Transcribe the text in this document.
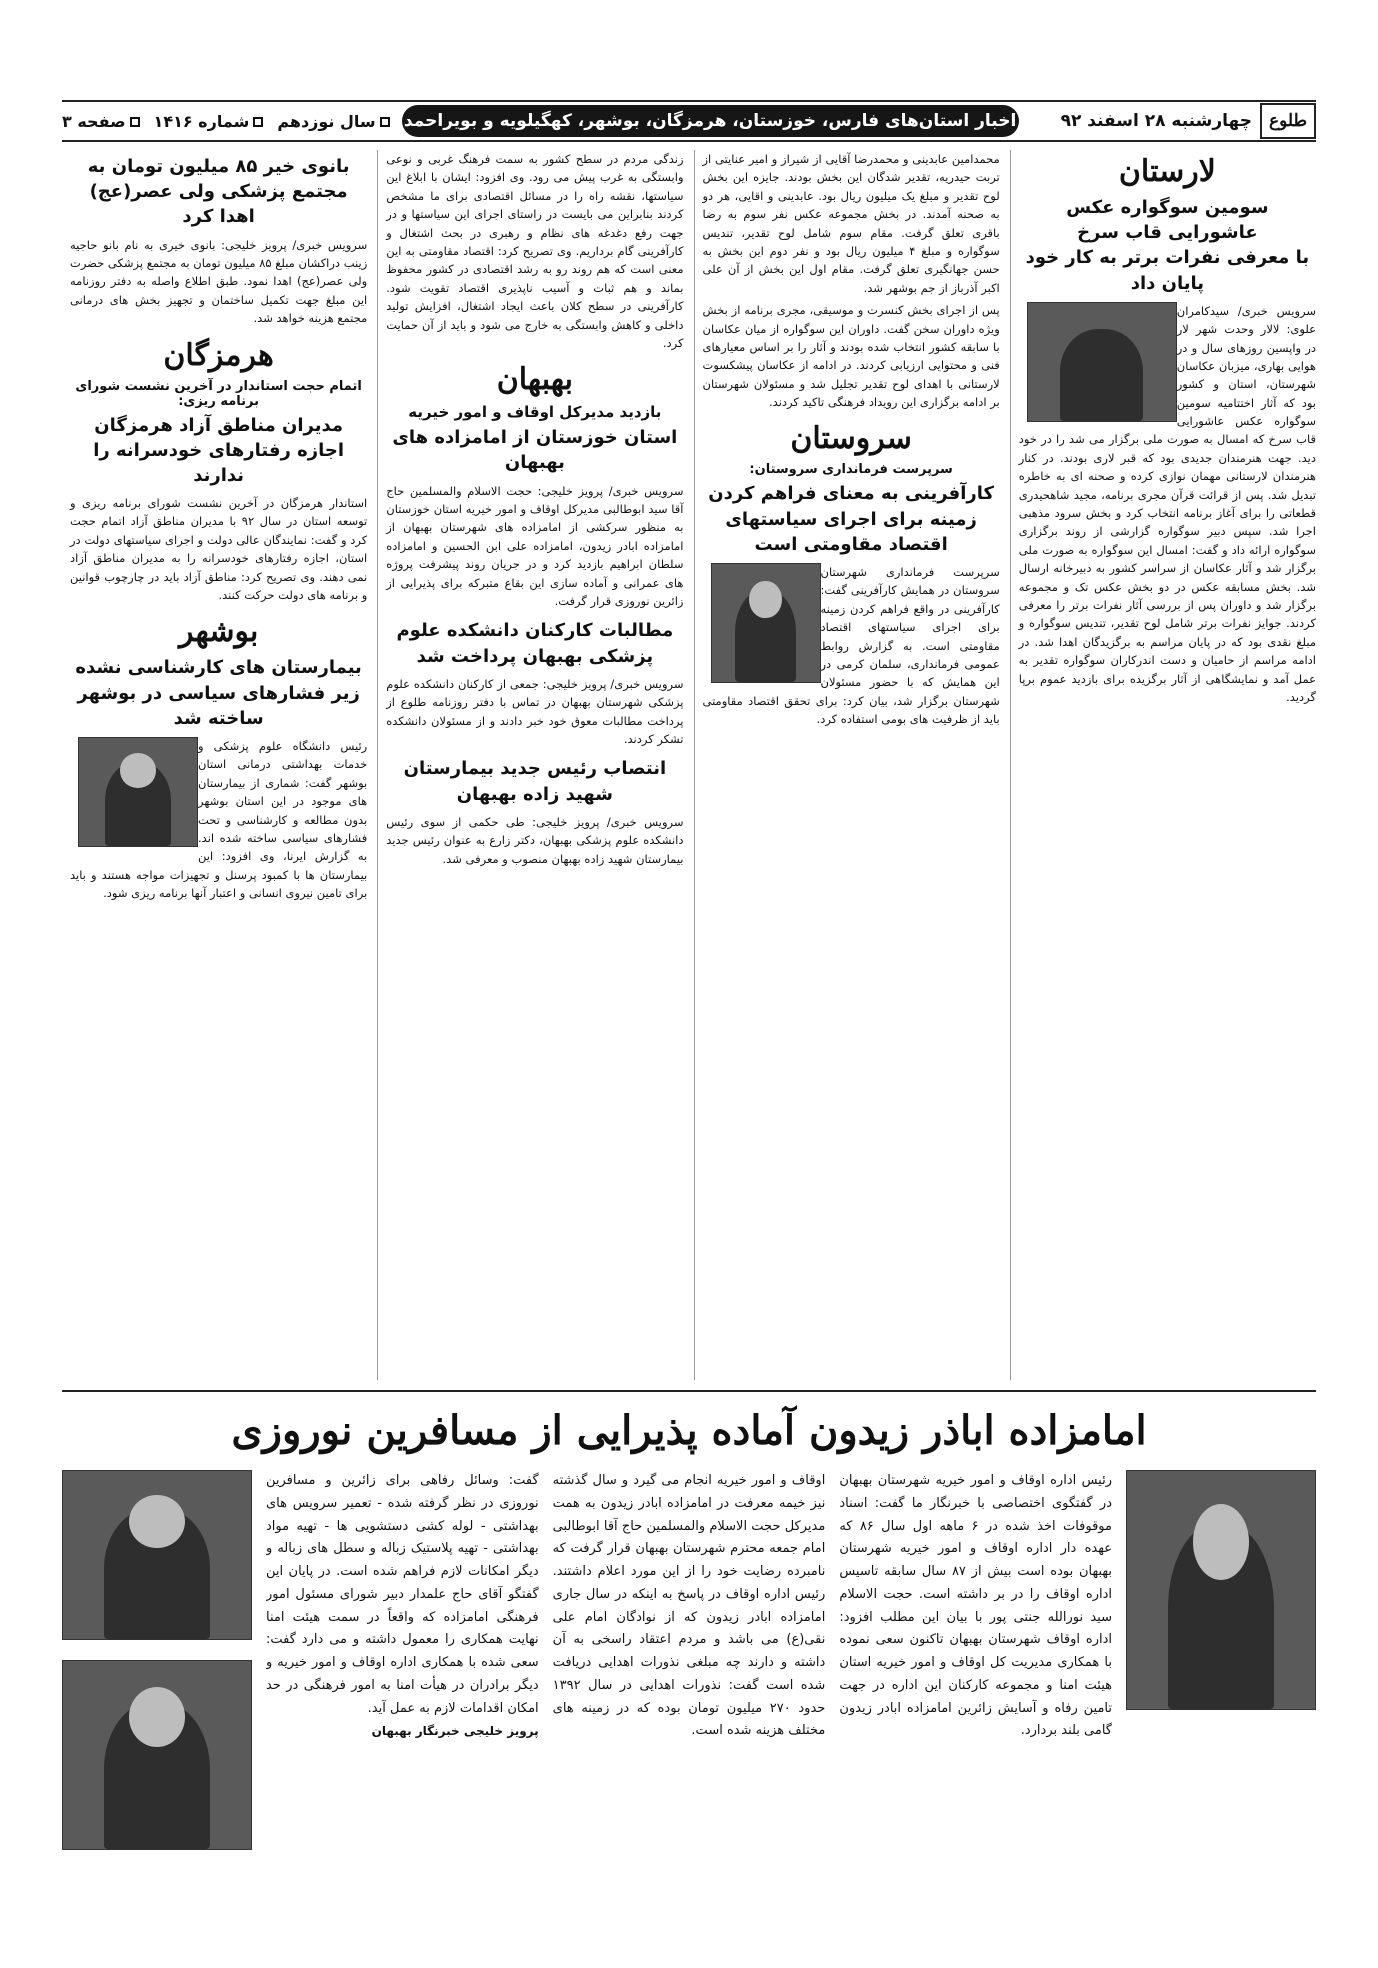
طلوع
چهارشنبه ۲۸ اسفند ۹۲
اخبار استان‌های فارس، خوزستان، هرمزگان، بوشهر، کهگیلویه و بویراحمد
سال نوزدهم
شماره ۱۴۱۶
صفحه ۳
لارستان
سومین سوگواره عکس عاشورایی قاب سرخ
با معرفی نفرات برتر به کار خود پایان داد
سرویس خبری/ سیدکامران علوی: لالار وحدت شهر لار در واپسین روزهای سال و در هوایی بهاری، میزبان عکاسان شهرستان، استان و کشور بود که آثار اختتامیه سومین سوگواره عکس عاشورایی قاب سرخ که امسال به صورت ملی برگزار می شد را در خود دید. جهت هنرمندان جدیدی بود که قبر لاری بودند. در کنار هنرمندان لارستانی مهمان نوازی کرده و صحنه ای به خاطره تبدیل شد. پس از قرائت قرآن مجری برنامه، مجید شاهحیدری قطعاتی را برای آغاز برنامه انتخاب کرد و بخش سرود مذهبی اجرا شد. سپس دبیر سوگواره گزارشی از روند برگزاری سوگواره ارائه داد و گفت: امسال این سوگواره به صورت ملی برگزار شد و آثار عکاسان از سراسر کشور به دبیرخانه ارسال شد. بخش مسابقه عکس در دو بخش عکس تک و مجموعه برگزار شد و داوران پس از بررسی آثار نفرات برتر را معرفی کردند. جوایز نفرات برتر شامل لوح تقدیر، تندیس سوگواره و مبلغ نقدی بود که در پایان مراسم به برگزیدگان اهدا شد. در ادامه مراسم از حامیان و دست اندرکاران سوگواره تقدیر به عمل آمد و نمایشگاهی از آثار برگزیده برای بازدید عموم برپا گردید.
محمدامین عابدینی و محمدرضا آقایی از شیراز و امیر عنایتی از تربت حیدریه، تقدیر شدگان این بخش بودند. جایزه این بخش لوح تقدیر و مبلغ یک میلیون ریال بود. عابدینی و اقایی، هر دو به صحنه آمدند. در بخش مجموعه عکس نفر سوم به رضا باقری تعلق گرفت. مقام سوم شامل لوح تقدیر، تندیس سوگواره و مبلغ ۴ میلیون ریال بود و نفر دوم این بخش به حسن جهانگیری تعلق گرفت. مقام اول این بخش از آن علی اکبر آذرباز از جم بوشهر شد.
پس از اجرای بخش کنسرت و موسیقی، مجری برنامه از بخش ویژه داوران سخن گفت. داوران این سوگواره از میان عکاسان با سابقه کشور انتخاب شده بودند و آثار را بر اساس معیارهای فنی و محتوایی ارزیابی کردند. در ادامه از عکاسان پیشکسوت لارستانی با اهدای لوح تقدیر تجلیل شد و مسئولان شهرستان بر ادامه برگزاری این رویداد فرهنگی تاکید کردند.
سروستان
سرپرست فرمانداری سروستان:
کارآفرینی به معنای فراهم کردن زمینه برای اجرای سیاستهای اقتصاد مقاومتی است
سرپرست فرمانداری شهرستان سروستان در همایش کارآفرینی گفت: کارآفرینی در واقع فراهم کردن زمینه برای اجرای سیاستهای اقتصاد مقاومتی است. به گزارش روابط عمومی فرمانداری، سلمان کرمی در این همایش که با حضور مسئولان شهرستان برگزار شد، بیان کرد: برای تحقق اقتصاد مقاومتی باید از ظرفیت های بومی استفاده کرد.
زندگی مردم در سطح کشور به سمت فرهنگ غربی و نوعی وابستگی به غرب پیش می رود. وی افزود: ایشان با ابلاغ این سیاستها، نقشه راه را در مسائل اقتصادی برای ما مشخص کردند بنابراین می بایست در راستای اجرای این سیاستها و در جهت رفع دغدغه های نظام و رهبری در بحث اشتغال و کارآفرینی گام برداریم. وی تصریح کرد: اقتصاد مقاومتی به این معنی است که هم روند رو به رشد اقتصادی در کشور محفوظ بماند و هم ثبات و آسیب ناپذیری اقتصاد تقویت شود. کارآفرینی در سطح کلان باعث ایجاد اشتغال، افزایش تولید داخلی و کاهش وابستگی به خارج می شود و باید از آن حمایت کرد.
بهبهان
بازدید مدیرکل اوقاف و امور خیریه
استان خوزستان از امامزاده های بهبهان
سرویس خبری/ پرویز خلیجی: حجت الاسلام والمسلمین حاج آقا سید ابوطالبی مدیرکل اوقاف و امور خیریه استان خوزستان به منظور سرکشی از امامزاده های شهرستان بهبهان از امامزاده ابادر زیدون، امامزاده علی ابن الحسین و امامزاده سلطان ابراهیم بازدید کرد و در جریان روند پیشرفت پروژه های عمرانی و آماده سازی این بقاع متبرکه برای پذیرایی از زائرین نوروزی قرار گرفت.
مطالبات کارکنان دانشکده علوم پزشکی بهبهان پرداخت شد
سرویس خبری/ پرویز خلیجی: جمعی از کارکنان دانشکده علوم پزشکی شهرستان بهبهان در تماس با دفتر روزنامه طلوع از پرداخت مطالبات معوق خود خبر دادند و از مسئولان دانشکده تشکر کردند.
انتصاب رئیس جدید بیمارستان شهید زاده بهبهان
سرویس خبری/ پرویز خلیجی: طی حکمی از سوی رئیس دانشکده علوم پزشکی بهبهان، دکتر زارع به عنوان رئیس جدید بیمارستان شهید زاده بهبهان منصوب و معرفی شد.
بانوی خیر ۸۵ میلیون تومان به مجتمع پزشکی ولی عصر(عج) اهدا کرد
سرویس خبری/ پرویز خلیجی: بانوی خیری به نام بانو حاجیه زینب دراکشان مبلغ ۸۵ میلیون تومان به مجتمع پزشکی حضرت ولی عصر(عج) اهدا نمود. طبق اطلاع واصله به دفتر روزنامه این مبلغ جهت تکمیل ساختمان و تجهیز بخش های درمانی مجتمع هزینه خواهد شد.
هرمزگان
اتمام حجت استاندار در آخرین نشست شورای برنامه ریزی:
مدیران مناطق آزاد هرمزگان اجازه رفتارهای خودسرانه را ندارند
استاندار هرمزگان در آخرین نشست شورای برنامه ریزی و توسعه استان در سال ۹۲ با مدیران مناطق آزاد اتمام حجت کرد و گفت: نمایندگان عالی دولت و اجرای سیاستهای دولت در استان، اجازه رفتارهای خودسرانه را به مدیران مناطق آزاد نمی دهند. وی تصریح کرد: مناطق آزاد باید در چارچوب قوانین و برنامه های دولت حرکت کنند.
بوشهر
بیمارستان های کارشناسی نشده زیر فشارهای سیاسی در بوشهر ساخته شد
رئیس دانشگاه علوم پزشکی و خدمات بهداشتی درمانی استان بوشهر گفت: شماری از بیمارستان های موجود در این استان بوشهر بدون مطالعه و کارشناسی و تحت فشارهای سیاسی ساخته شده اند. به گزارش ایرنا، وی افزود: این بیمارستان ها با کمبود پرسنل و تجهیزات مواجه هستند و باید برای تامین نیروی انسانی و اعتبار آنها برنامه ریزی شود.
امامزاده اباذر زیدون آماده پذیرایی از مسافرین نوروزی
رئیس اداره اوقاف و امور خیریه شهرستان بهبهان در گفتگوی اختصاصی با خبرنگار ما گفت: اسناد موقوفات اخذ شده در ۶ ماهه اول سال ۸۶ که عهده دار اداره اوقاف و امور خیریه شهرستان بهبهان بوده است بیش از ۸۷ سال سابقه تاسیس اداره اوقاف را در بر داشته است. حجت الاسلام سید نورالله جنتی پور با بیان این مطلب افزود: اداره اوقاف شهرستان بهبهان تاکنون سعی نموده با همکاری مدیریت کل اوقاف و امور خیریه استان هیئت امنا و مجموعه کارکنان این اداره در جهت تامین رفاه و آسایش زائرین امامزاده ابادر زیدون گامی بلند بردارد.
اوقاف و امور خیریه انجام می گیرد و سال گذشته نیز خیمه معرفت در امامزاده ابادر زیدون به همت مدیرکل حجت الاسلام والمسلمین حاج آقا ابوطالبی امام جمعه محترم شهرستان بهبهان قرار گرفت که نامبرده رضایت خود را از این مورد اعلام داشتند. رئیس اداره اوقاف در پاسخ به اینکه در سال جاری امامزاده ابادر زیدون که از نوادگان امام علی نقی(ع) می باشد و مردم اعتقاد راسخی به آن داشته و دارند چه مبلغی نذورات اهدایی دریافت شده است گفت: نذورات اهدایی در سال ۱۳۹۲ حدود ۲۷۰ میلیون تومان بوده که در زمینه های مختلف هزینه شده است.
گفت: وسائل رفاهی برای زائرین و مسافرین نوروزی در نظر گرفته شده - تعمیر سرویس های بهداشتی - لوله کشی دستشویی ها - تهیه مواد بهداشتی - تهیه پلاستیک زباله و سطل های زباله و دیگر امکانات لازم فراهم شده است. در پایان این گفتگو آقای حاج علمدار دبیر شورای مسئول امور فرهنگی امامزاده که واقعاً در سمت هیئت امنا نهایت همکاری را معمول داشته و می دارد گفت: سعی شده با همکاری اداره اوقاف و امور خیریه و دیگر برادران در هیأت امنا به امور فرهنگی در حد امکان اقدامات لازم به عمل آید.
پرویز خلیجی خبرنگار بهبهان
